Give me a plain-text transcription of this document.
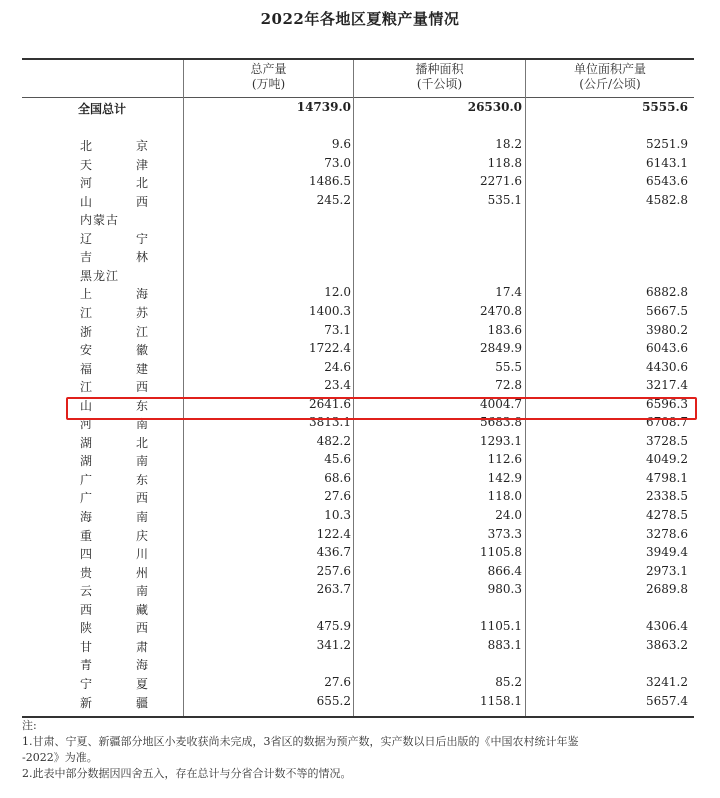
2022年各地区夏粮产量情况
总产量
(万吨)
播种面积
(千公顷)
单位面积产量
(公斤/公顷)
全国总计	14739.0	26530.0	5555.6
北	京	9.6	18.2	5251.9
天	津	73.0	118.8	6143.1
河	北	1486.5	2271.6	6543.6
山	西	245.2	535.1	4582.8
内蒙古
辽	宁
吉	林
黑龙江
上	海	12.0	17.4	6882.8
江	苏	1400.3	2470.8	5667.5
浙	江	73.1	183.6	3980.2
安	徽	1722.4	2849.9	6043.6
福	建	24.6	55.5	4430.6
江	西	23.4	72.8	3217.4
山	东	2641.6	4004.7	6596.3
河	南	3813.1	5683.8	6708.7
湖	北	482.2	1293.1	3728.5
湖	南	45.6	112.6	4049.2
广	东	68.6	142.9	4798.1
广	西	27.6	118.0	2338.5
海	南	10.3	24.0	4278.5
重	庆	122.4	373.3	3278.6
四	川	436.7	1105.8	3949.4
贵	州	257.6	866.4	2973.1
云	南	263.7	980.3	2689.8
西	藏
陕	西	475.9	1105.1	4306.4
甘	肃	341.2	883.1	3863.2
青	海
宁	夏	27.6	85.2	3241.2
新	疆	655.2	1158.1	5657.4

注:

1.甘肃、宁夏、新疆部分地区小麦收获尚未完成，3省区的数据为预产数，实产数以日后出版的《中国农村统计年鉴

-2022》为准。

2.此表中部分数据因四舍五入，存在总计与分省合计数不等的情况。
